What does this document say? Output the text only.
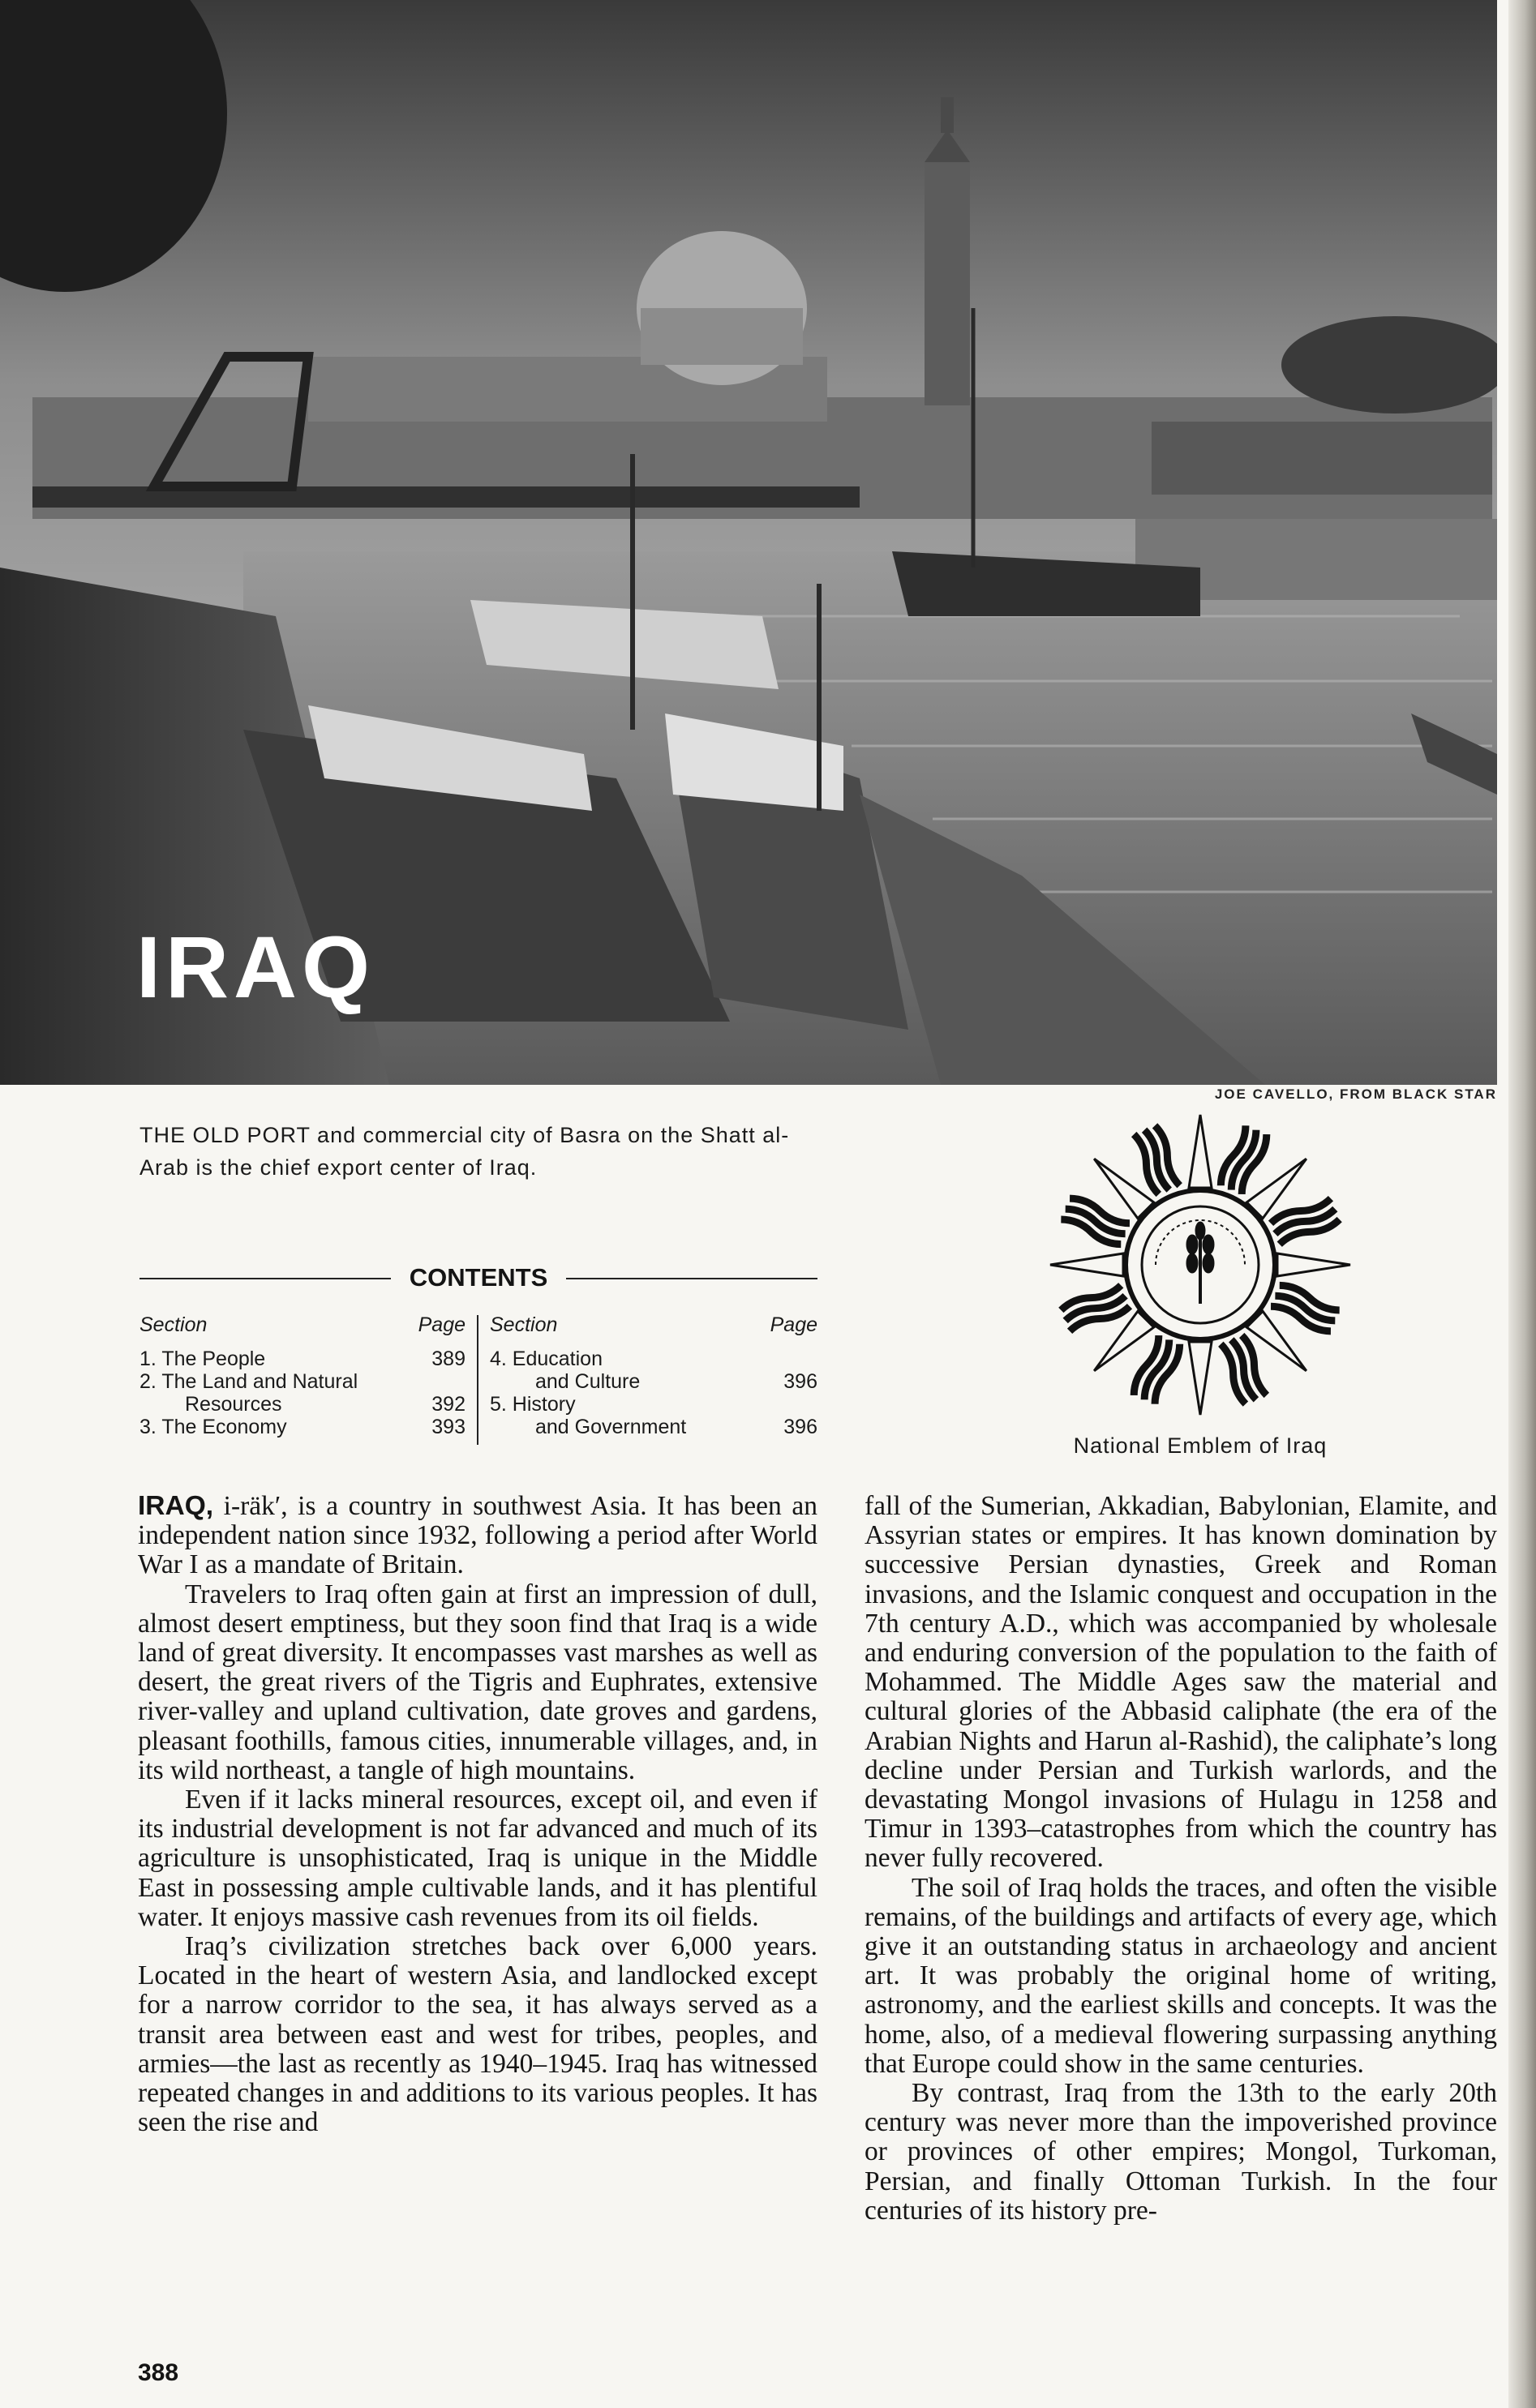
IRAQ
JOE CAVELLO, FROM BLACK STAR
THE OLD PORT and commercial city of Basra on the Shatt al-Arab is the chief export center of Iraq.
CONTENTS
Section	Page
1. The People	389
2. The Land and Natural
Resources	392
3. The Economy	393
Section	Page
4. Education
and Culture	396
5. History
and Government	396
National Emblem of Iraq

IRAQ, i-räk′, is a country in southwest Asia. It has been an independent nation since 1932, following a period after World War I as a mandate of Britain.

Travelers to Iraq often gain at first an impression of dull, almost desert emptiness, but they soon find that Iraq is a wide land of great diversity. It encompasses vast marshes as well as desert, the great rivers of the Tigris and Euphrates, extensive river-valley and upland cultivation, date groves and gardens, pleasant foothills, famous cities, innumerable villages, and, in its wild northeast, a tangle of high mountains.

Even if it lacks mineral resources, except oil, and even if its industrial development is not far advanced and much of its agriculture is unsophisticated, Iraq is unique in the Middle East in possessing ample cultivable lands, and it has plentiful water. It enjoys massive cash revenues from its oil fields.

Iraq’s civilization stretches back over 6,000 years. Located in the heart of western Asia, and landlocked except for a narrow corridor to the sea, it has always served as a transit area between east and west for tribes, peoples, and armies—the last as recently as 1940–1945. Iraq has witnessed repeated changes in and additions to its various peoples. It has seen the rise and

fall of the Sumerian, Akkadian, Babylonian, Elamite, and Assyrian states or empires. It has known domination by successive Persian dynasties, Greek and Roman invasions, and the Islamic conquest and occupation in the 7th century A.D., which was accompanied by wholesale and enduring conversion of the population to the faith of Mohammed. The Middle Ages saw the material and cultural glories of the Abbasid caliphate (the era of the Arabian Nights and Harun al-Rashid), the caliphate’s long decline under Persian and Turkish warlords, and the devastating Mongol invasions of Hulagu in 1258 and Timur in 1393–catastrophes from which the country has never fully recovered.

The soil of Iraq holds the traces, and often the visible remains, of the buildings and artifacts of every age, which give it an outstanding status in archaeology and ancient art. It was probably the original home of writing, astronomy, and the earliest skills and concepts. It was the home, also, of a medieval flowering surpassing anything that Europe could show in the same centuries.

By contrast, Iraq from the 13th to the early 20th century was never more than the impoverished province or provinces of other empires; Mongol, Turkoman, Persian, and finally Ottoman Turkish. In the four centuries of its history pre-

388
